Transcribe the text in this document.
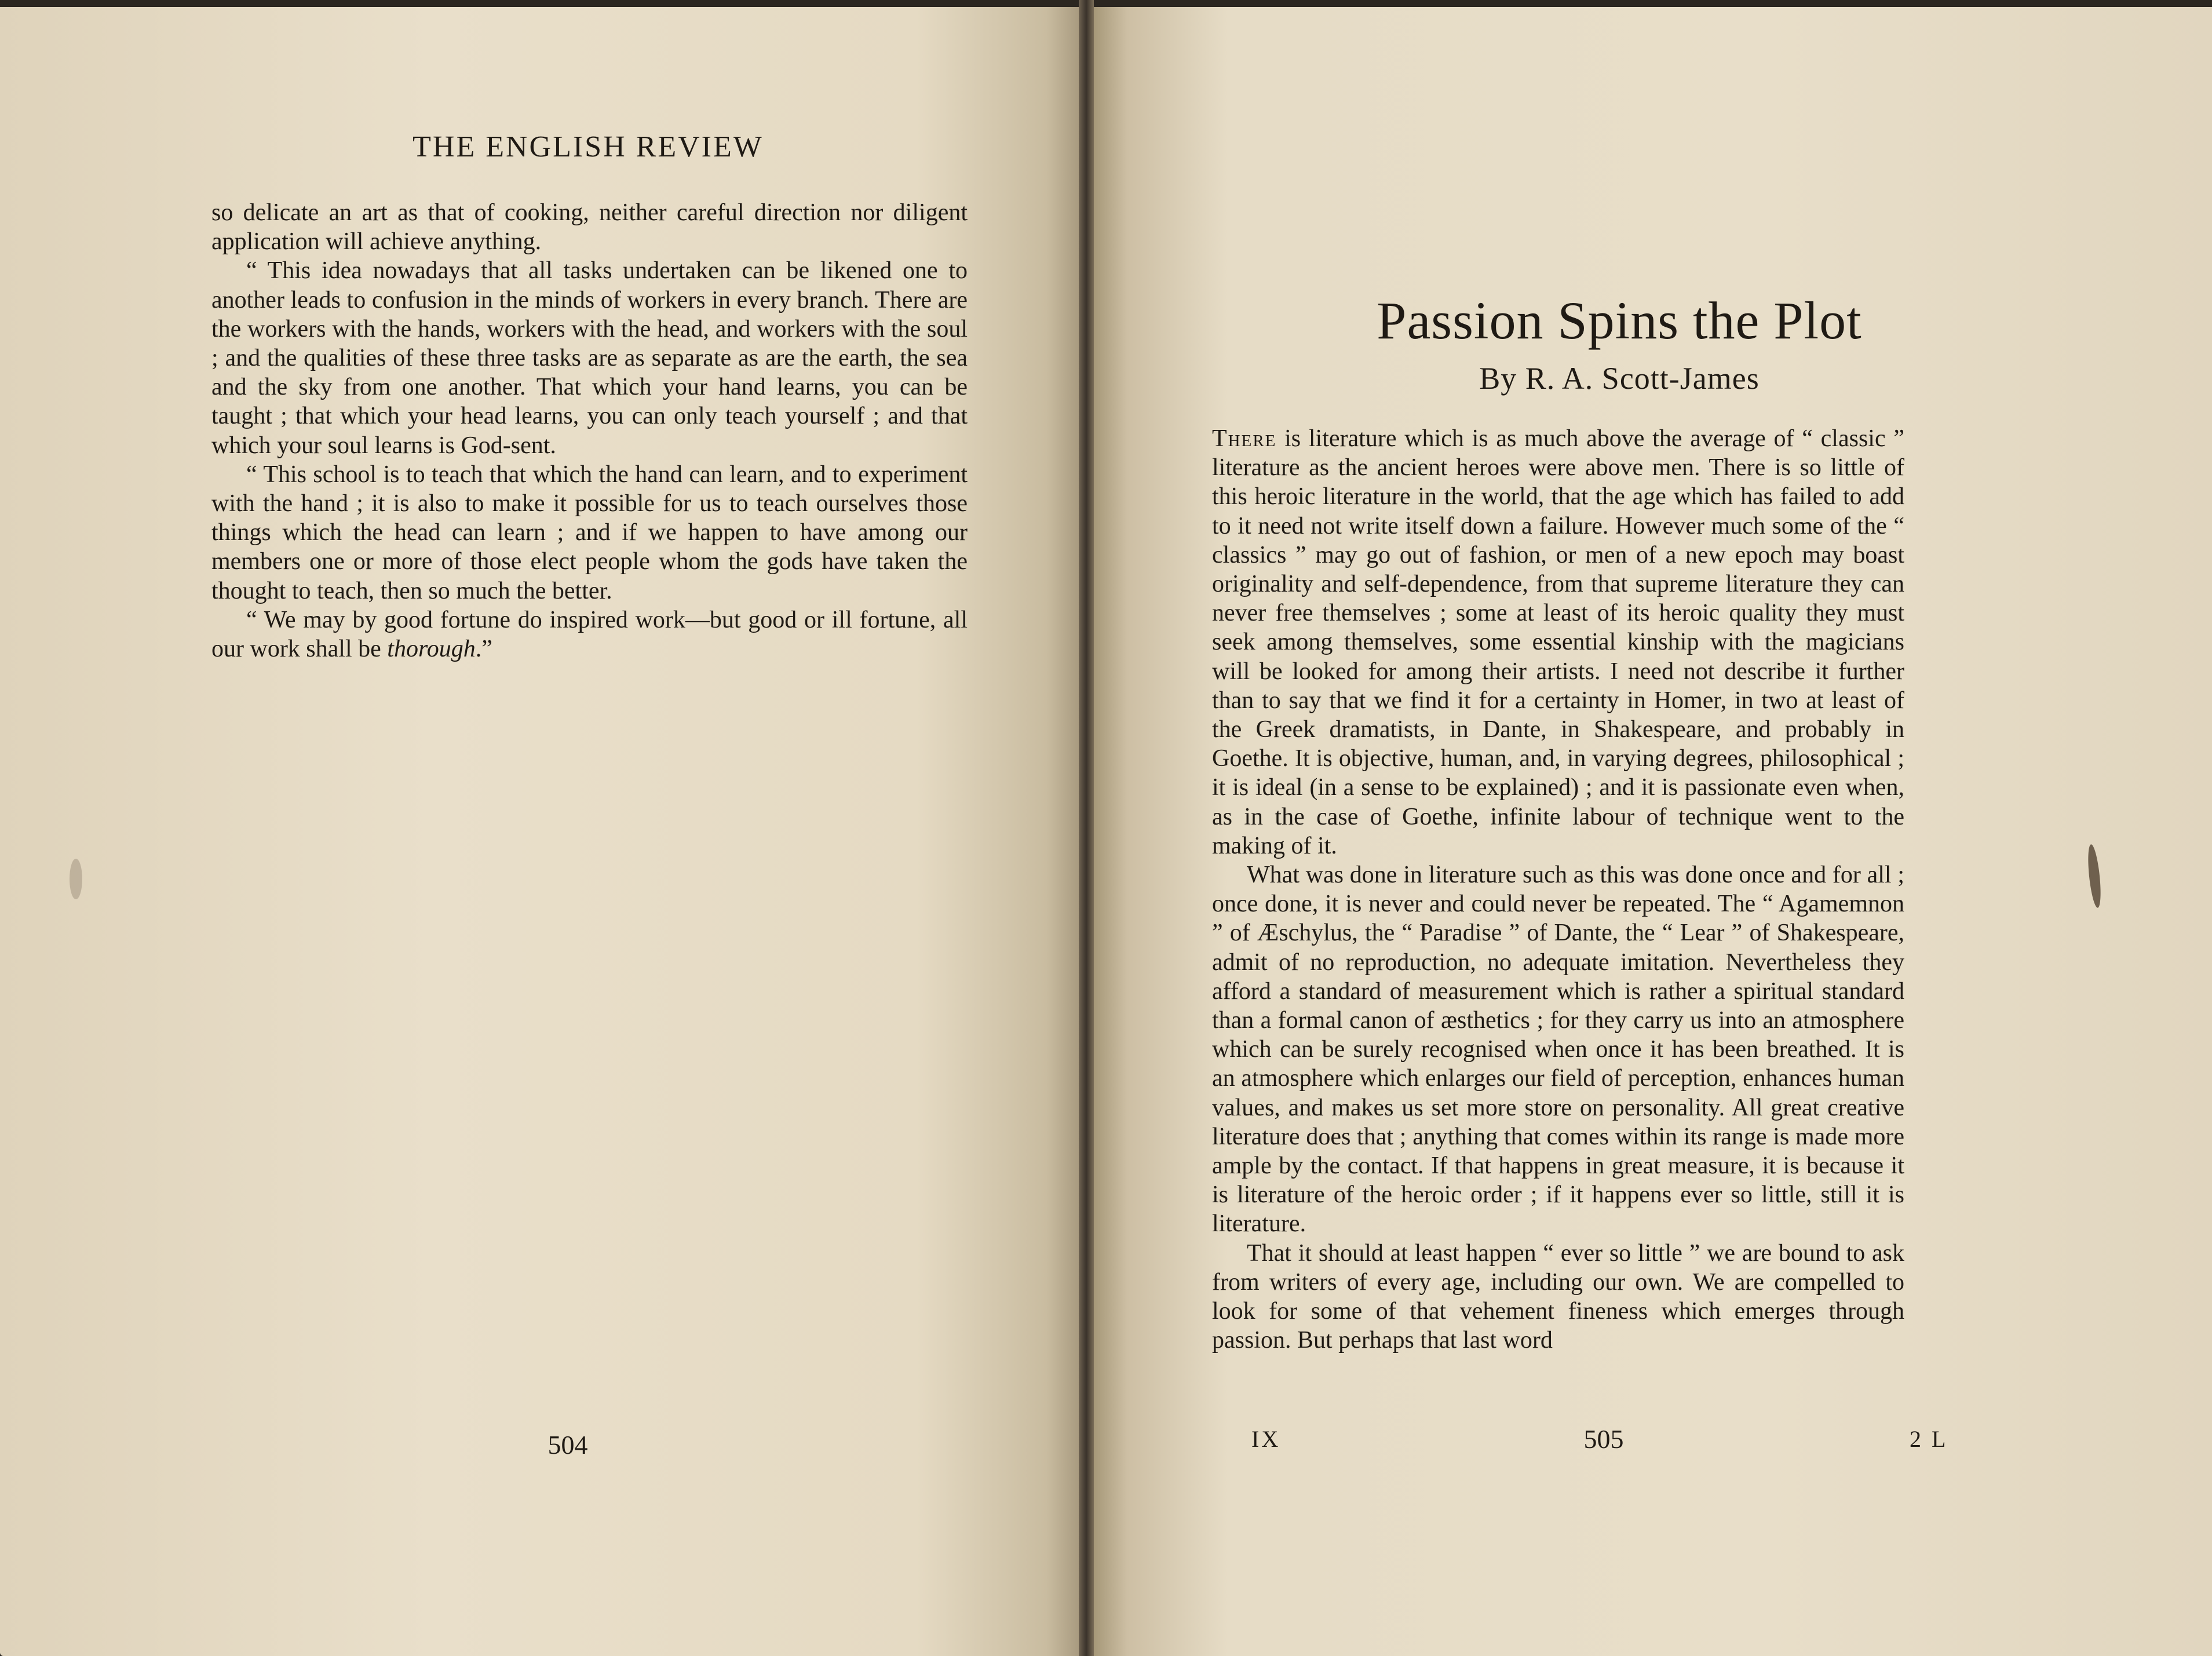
THE ENGLISH REVIEW

so delicate an art as that of cooking, neither careful direction nor diligent application will achieve anything.

“ This idea nowadays that all tasks undertaken can be likened one to another leads to confusion in the minds of workers in every branch. There are the workers with the hands, workers with the head, and workers with the soul ; and the qualities of these three tasks are as separate as are the earth, the sea and the sky from one another. That which your hand learns, you can be taught ; that which your head learns, you can only teach yourself ; and that which your soul learns is God-sent.

“ This school is to teach that which the hand can learn, and to experiment with the hand ; it is also to make it possible for us to teach ourselves those things which the head can learn ; and if we happen to have among our members one or more of those elect people whom the gods have taken the thought to teach, then so much the better.

“ We may by good fortune do inspired work—but good or ill fortune, all our work shall be thorough.”

504

There is literature which is as much above the average of “ classic ” literature as the ancient heroes were above men. There is so little of this heroic literature in the world, that the age which has failed to add to it need not write itself down a failure. However much some of the “ classics ” may go out of fashion, or men of a new epoch may boast originality and self-dependence, from that supreme literature they can never free themselves ; some at least of its heroic quality they must seek among themselves, some essential kinship with the magicians will be looked for among their artists. I need not describe it further than to say that we find it for a certainty in Homer, in two at least of the Greek dramatists, in Dante, in Shakespeare, and probably in Goethe. It is objective, human, and, in varying degrees, philosophical ; it is ideal (in a sense to be explained) ; and it is passionate even when, as in the case of Goethe, infinite labour of technique went to the making of it.

What was done in literature such as this was done once and for all ; once done, it is never and could never be repeated. The “ Agamemnon ” of Æschylus, the “ Paradise ” of Dante, the “ Lear ” of Shakespeare, admit of no reproduction, no adequate imitation. Nevertheless they afford a standard of measurement which is rather a spiritual standard than a formal canon of æsthetics ; for they carry us into an atmosphere which can be surely recognised when once it has been breathed. It is an atmosphere which enlarges our field of perception, enhances human values, and makes us set more store on personality. All great creative literature does that ; anything that comes within its range is made more ample by the contact. If that happens in great measure, it is because it is literature of the heroic order ; if it happens ever so little, still it is literature.

That it should at least happen “ ever so little ” we are bound to ask from writers of every age, including our own. We are compelled to look for some of that vehement fineness which emerges through passion. But perhaps that last word

IX	505	2 L
Passion Spins the Plot
By R. A. Scott-James
